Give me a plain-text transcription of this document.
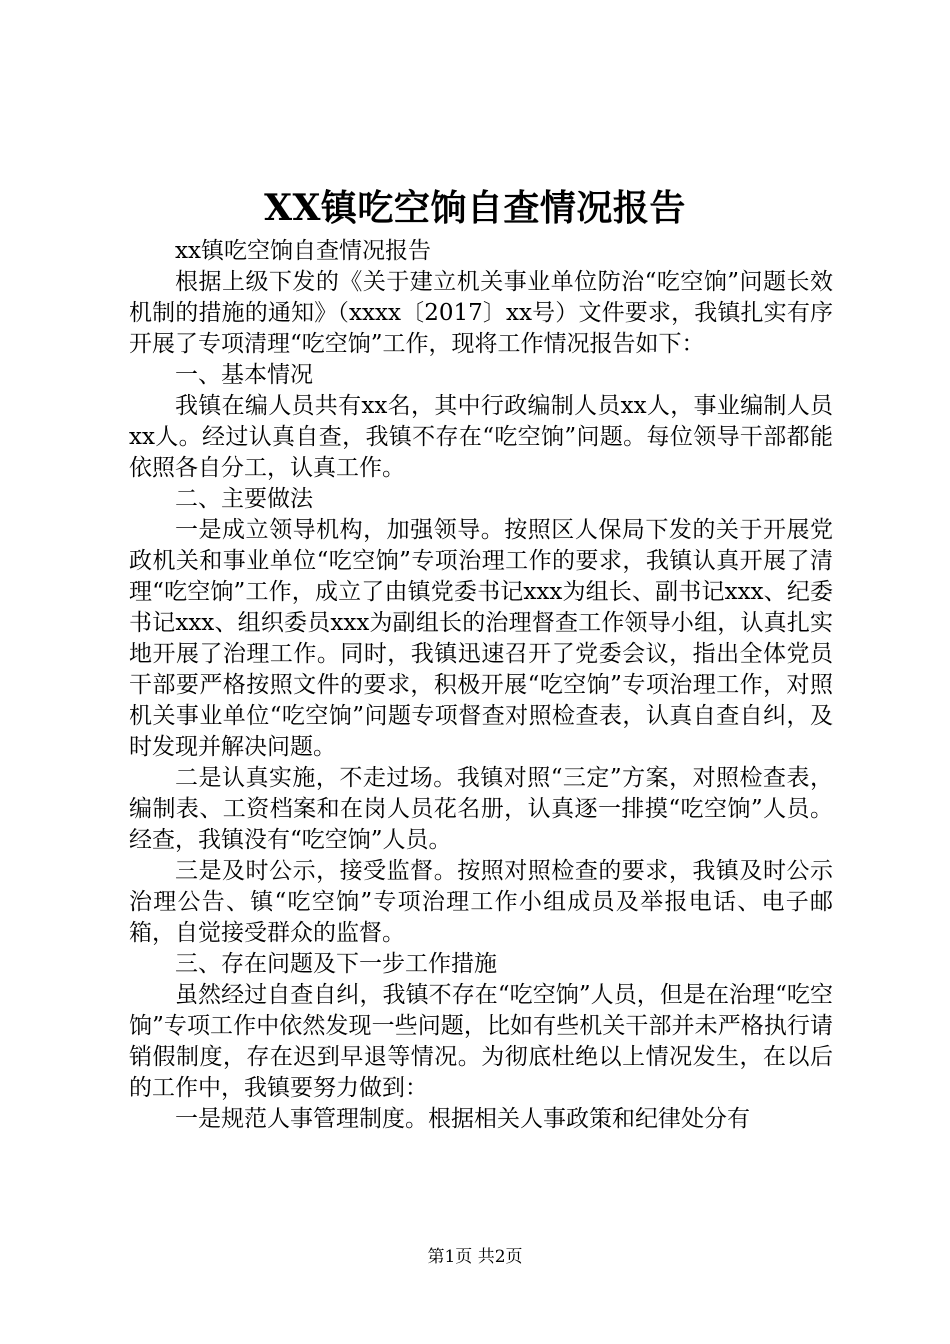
XX镇吃空饷自查情况报告

xx镇吃空饷自查情况报告

根据上级下发的《关于建立机关事业单位防治“吃空饷”问题长效机制的措施的通知》（xxxx〔2017〕xx号）文件要求，我镇扎实有序开展了专项清理“吃空饷”工作，现将工作情况报告如下：

一、基本情况

我镇在编人员共有xx名，其中行政编制人员xx人，事业编制人员xx人。经过认真自查，我镇不存在“吃空饷”问题。每位领导干部都能依照各自分工，认真工作。

二、主要做法

一是成立领导机构，加强领导。按照区人保局下发的关于开展党政机关和事业单位“吃空饷”专项治理工作的要求，我镇认真开展了清理“吃空饷”工作，成立了由镇党委书记xxx为组长、副书记xxx、纪委书记xxx、组织委员xxx为副组长的治理督查工作领导小组，认真扎实地开展了治理工作。同时，我镇迅速召开了党委会议，指出全体党员干部要严格按照文件的要求，积极开展“吃空饷”专项治理工作，对照机关事业单位“吃空饷”问题专项督查对照检查表，认真自查自纠，及时发现并解决问题。

二是认真实施，不走过场。我镇对照“三定”方案，对照检查表，编制表、工资档案和在岗人员花名册，认真逐一排摸“吃空饷”人员。经查，我镇没有“吃空饷”人员。

三是及时公示，接受监督。按照对照检查的要求，我镇及时公示治理公告、镇“吃空饷”专项治理工作小组成员及举报电话、电子邮箱，自觉接受群众的监督。

三、存在问题及下一步工作措施

虽然经过自查自纠，我镇不存在“吃空饷”人员，但是在治理“吃空饷”专项工作中依然发现一些问题，比如有些机关干部并未严格执行请销假制度，存在迟到早退等情况。为彻底杜绝以上情况发生，在以后的工作中，我镇要努力做到：

一是规范人事管理制度。根据相关人事政策和纪律处分有

第1页 共2页
